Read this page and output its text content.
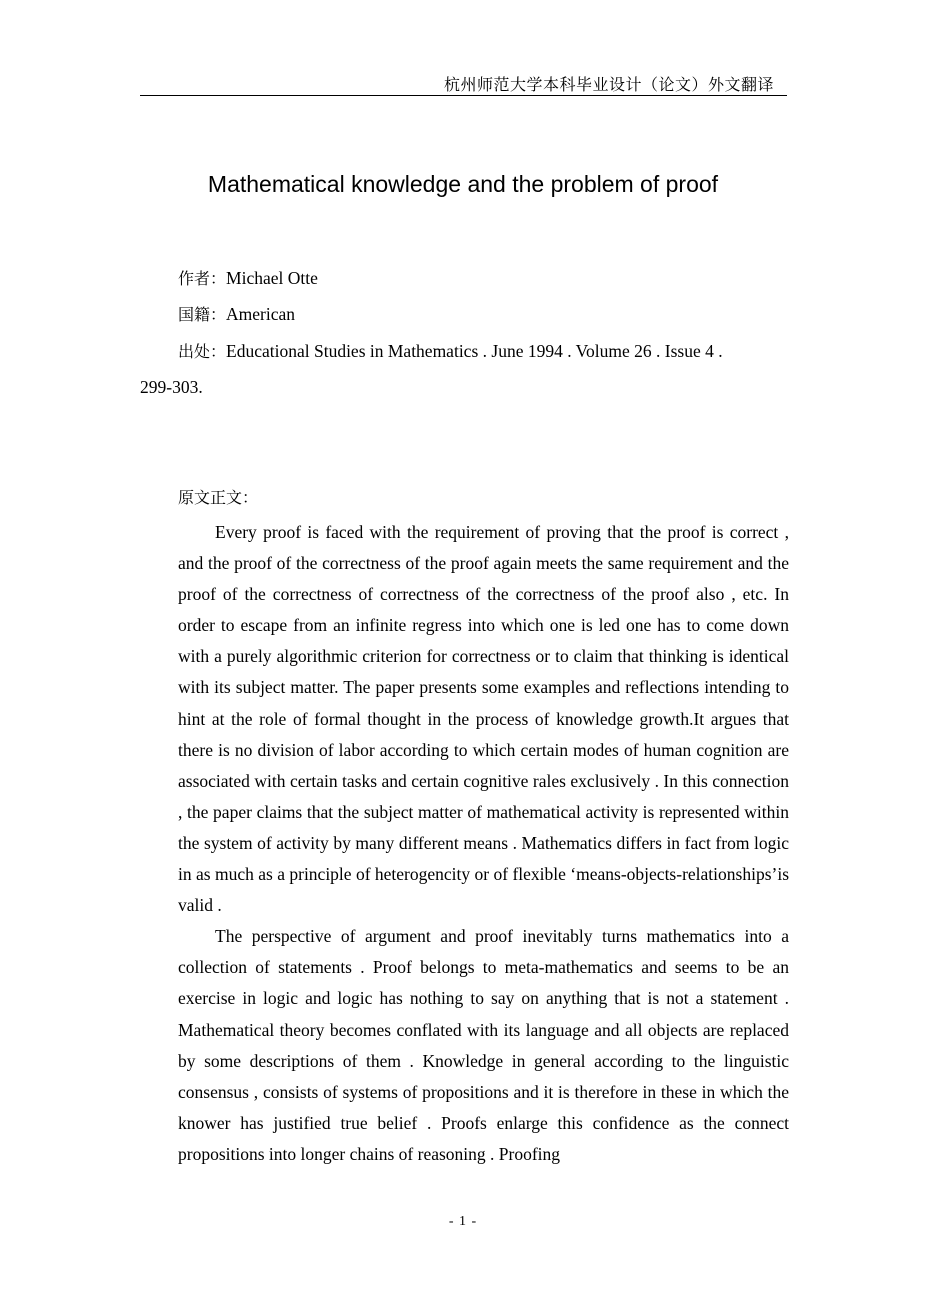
杭州师范大学本科毕业设计（论文）外文翻译
Mathematical knowledge and the problem of proof
作者：Michael Otte
国籍：American
出处：Educational Studies in Mathematics . June 1994 . Volume 26 . Issue 4 .
299-303.
原文正文：

Every proof is faced with the requirement of proving that the proof is correct , and the proof of the correctness of the proof again meets the same requirement and the proof of the correctness of correctness of the correctness of the proof also , etc. In order to escape from an infinite regress into which one is led one has to come down with a purely algorithmic criterion for correctness or to claim that thinking is identical with its subject matter. The paper presents some examples and reflections intending to hint at the role of formal thought in the process of knowledge growth.It argues that there is no division of labor according to which certain modes of human cognition are associated with certain tasks and certain cognitive rales exclusively . In this connection , the paper claims that the subject matter of mathematical activity is represented within the system of activity by many different means . Mathematics differs in fact from logic in as much as a principle of heterogencity or of flexible ‘means-objects-relationships’is valid .

The perspective of argument and proof inevitably turns mathematics into a collection of statements . Proof belongs to meta-mathematics and seems to be an exercise in logic and logic has nothing to say on anything that is not a statement . Mathematical theory becomes conflated with its language and all objects are replaced by some descriptions of them . Knowledge in general according to the linguistic consensus , consists of systems of propositions and it is therefore in these in which the knower has justified true belief . Proofs enlarge this confidence as the connect propositions into longer chains of reasoning . Proofing

- 1 -
